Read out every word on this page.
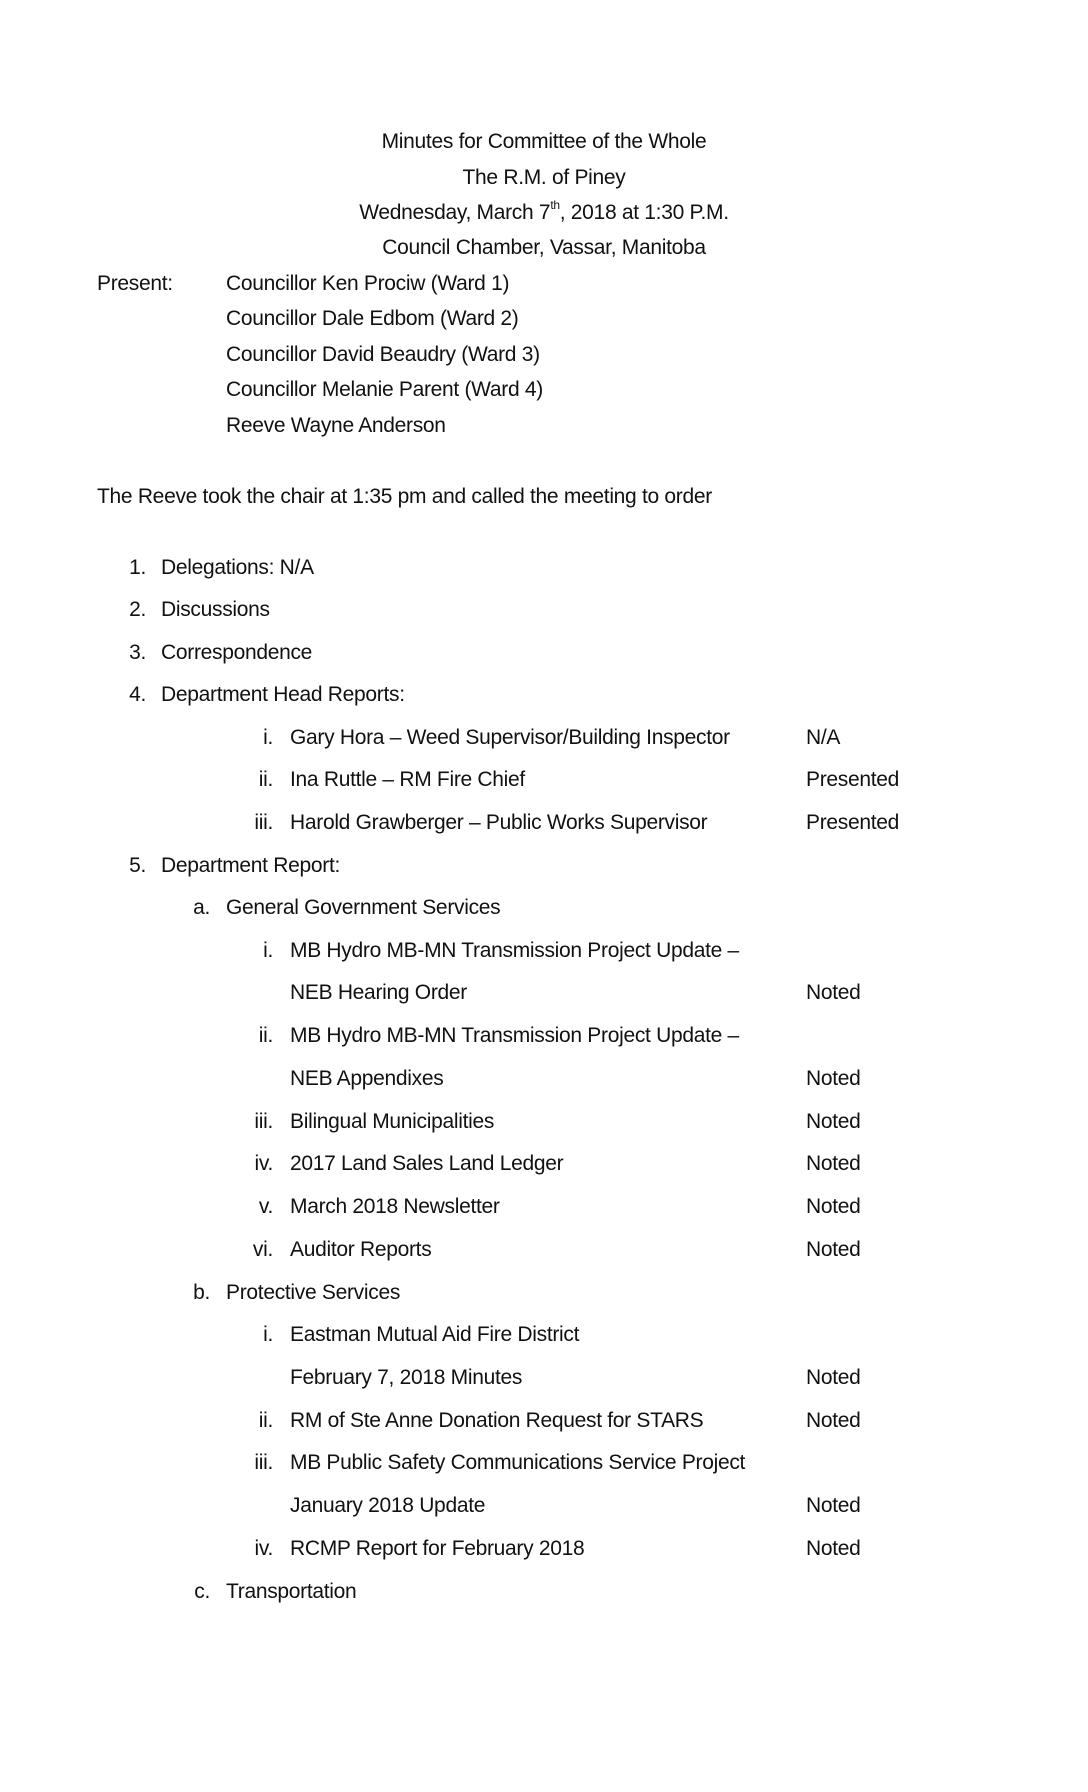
Minutes for Committee of the Whole
The R.M. of Piney
Wednesday, March 7th, 2018 at 1:30 P.M.
Council Chamber, Vassar, Manitoba
Present:	Councillor Ken Prociw (Ward 1)
Councillor Dale Edbom (Ward 2)
Councillor David Beaudry (Ward 3)
Councillor Melanie Parent (Ward 4)
Reeve Wayne Anderson
The Reeve took the chair at 1:35 pm and called the meeting to order
1. Delegations: N/A
2. Discussions
3. Correspondence
4. Department Head Reports:
i. Gary Hora – Weed Supervisor/Building Inspector	N/A
ii. Ina Ruttle – RM Fire Chief	Presented
iii. Harold Grawberger – Public Works Supervisor	Presented
5. Department Report:
a. General Government Services
i. MB Hydro MB-MN Transmission Project Update –
NEB Hearing Order	Noted
ii. MB Hydro MB-MN Transmission Project Update –
NEB Appendixes	Noted
iii. Bilingual Municipalities	Noted
iv. 2017 Land Sales Land Ledger	Noted
v. March 2018 Newsletter	Noted
vi. Auditor Reports	Noted
b. Protective Services
i. Eastman Mutual Aid Fire District
February 7, 2018 Minutes	Noted
ii. RM of Ste Anne Donation Request for STARS	Noted
iii. MB Public Safety Communications Service Project
January 2018 Update	Noted
iv. RCMP Report for February 2018	Noted
c. Transportation
